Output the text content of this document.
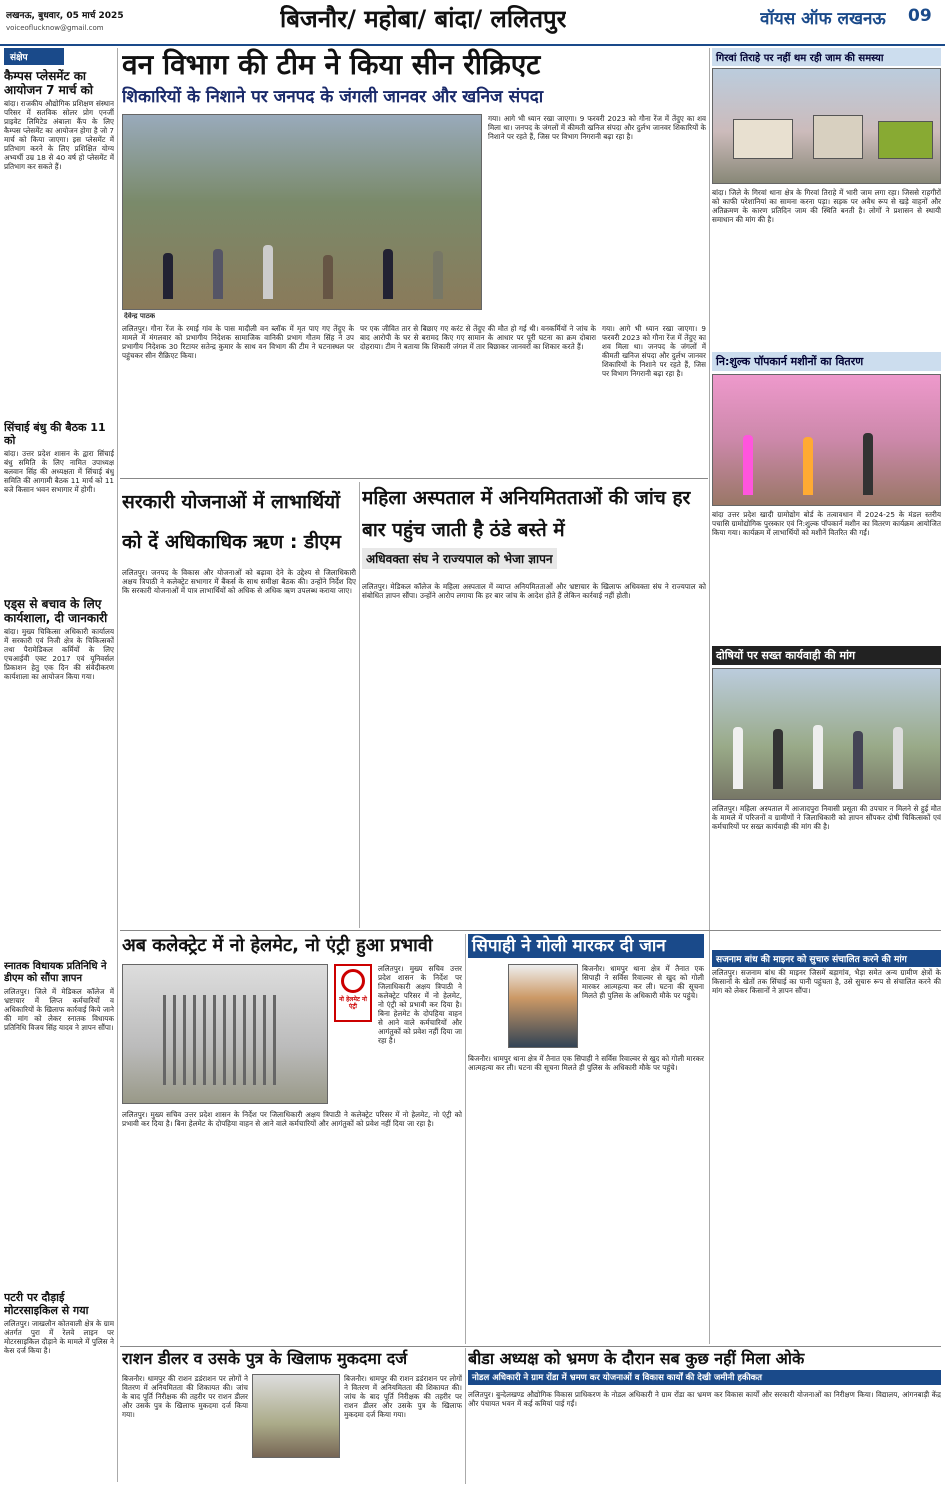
लखनऊ, बुधवार, 05 मार्च 2025
voiceoflucknow@gmail.com	बिजनौर/ महोबा/ बांदा/ ललितपुर	वॉयस ऑफ लखनऊ 09
संक्षेप
कैम्पस प्लेसमेंट का आयोजन 7 मार्च को
बांदा। राजकीय औद्योगिक प्रशिक्षण संस्थान परिसर में सतविक सोलर प्रोग एनर्जी प्राइवेट लिमिटेड अंबाला कैंप के लिए कैम्पस प्लेसमेंट का आयोजन होगा है जो 7 मार्च को किया जाएगा। इस प्लेसमेंट में प्रतिभाग करने के लिए प्रशिक्षित योग्य अभ्यर्थी उम्र 18 से 40 वर्ष हो प्लेसमेंट में प्रतिभाग कर सकते हैं।
सिंचाई बंधु की बैठक 11 को
बांदा। उत्तर प्रदेश शासन के द्वारा सिंचाई बंधु समिति के लिए नामित उपाध्यक्ष बलवान सिंह की अध्यक्षता में सिंचाई बंधु समिति की आगामी बैठक 11 मार्च को 11 बजे किसान भवन सभागार में होगी।
एड्स से बचाव के लिए कार्यशाला, दी जानकारी
बांदा। मुख्य चिकित्सा अधिकारी कार्यालय में सरकारी एवं निजी क्षेत्र के चिकित्सकों तथा पैरामेडिकल कर्मियों के लिए एचआईवी एक्ट 2017 एवं यूनिवर्सल प्रिकाशन हेतु एक दिन की संवेदीकरण कार्यशाला का आयोजन किया गया।
स्नातक विधायक प्रतिनिधि ने डीएम को सौंपा ज्ञापन
ललितपुर। जिले में मेडिकल कॉलेज में भ्रष्टाचार में लिप्त कर्मचारियों व अधिकारियों के खिलाफ कार्रवाई किये जाने की मांग को लेकर स्नातक विधायक प्रतिनिधि विजय सिंह यादव ने ज्ञापन सौंपा।
पटरी पर दौड़ाई मोटरसाइकिल से गया
ललितपुर। जाखलौन कोतवाली क्षेत्र के ग्राम अंतर्गत पुरा में रेलवे लाइन पर मोटरसाइकिल दौड़ाने के मामले में पुलिस ने केस दर्ज किया है।
वन विभाग की टीम ने किया सीन रीक्रिएट
शिकारियों के निशाने पर जनपद के जंगली जानवर और खनिज संपदा
देवेन्द्र पाठक
ललितपुर। गौना रेंज के रमाई गांव के पास मादीली वन ब्लॉक में मृत पाए गए तेंदुए के मामले में मंगलवार को प्रभागीय निदेशक सामाजिक वानिकी प्रभाग गौतम सिंह ने उप प्रभागीय निदेशक 30 रिटायर सतेन्द्र कुमार के साथ वन विभाग की टीम ने घटनास्थल पर पहुंचकर सीन रीक्रिएट किया।
पर एक जीवित तार से बिछाए गए करंट से तेंदुए की मौत हो गई थी। वनकर्मियों ने जांच के बाद आरोपी के घर से बरामद किए गए सामान के आधार पर पूरी घटना का क्रम दोबारा दोहराया। टीम ने बताया कि शिकारी जंगल में तार बिछाकर जानवरों का शिकार करते हैं।
गया। आगे भी ध्यान रखा जाएगा। 9 फरवरी 2023 को गौना रेंज में तेंदुए का शव मिला था। जनपद के जंगलों में कीमती खनिज संपदा और दुर्लभ जानवर शिकारियों के निशाने पर रहते हैं, जिस पर विभाग निगरानी बढ़ा रहा है।
गया। आगे भी ध्यान रखा जाएगा। 9 फरवरी 2023 को गौना रेंज में तेंदुए का शव मिला था। जनपद के जंगलों में कीमती खनिज संपदा और दुर्लभ जानवर शिकारियों के निशाने पर रहते हैं, जिस पर विभाग निगरानी बढ़ा रहा है।
गिरवां तिराहे पर नहीं थम रही जाम की समस्या
बांदा। जिले के गिरवां थाना क्षेत्र के गिरवां तिराहे में भारी जाम लगा रहा। जिससे राहगीरों को काफी परेशानियां का सामना करना पड़ा। सड़क पर अवैध रूप से खड़े वाहनों और अतिक्रमण के कारण प्रतिदिन जाम की स्थिति बनती है। लोगों ने प्रशासन से स्थायी समाधान की मांग की है।
नि:शुल्क पॉपकार्न मशीनों का वितरण
बांदा उत्तर प्रदेश खादी ग्रामोद्योग बोर्ड के तत्वावधान में 2024-25 के मंडल स्तरीय पचासि ग्रामोद्योगिक पुरस्कार एवं नि:शुल्क पॉपकार्न मशीन का वितरण कार्यक्रम आयोजित किया गया। कार्यक्रम में लाभार्थियों को मशीनें वितरित की गईं।
दोषियों पर सख्त कार्यवाही की मांग
ललितपुर। महिला अस्पताल में आजादपुरा निवासी प्रसूता की उपचार न मिलने से हुई मौत के मामले में परिजनों व ग्रामीणों ने जिलाधिकारी को ज्ञापन सौंपकर दोषी चिकित्सकों एवं कर्मचारियों पर सख्त कार्यवाही की मांग की है।
सरकारी योजनाओं में लाभार्थियों को दें अधिकाधिक ऋण : डीएम
ललितपुर। जनपद के विकास और योजनाओं को बढ़ावा देने के उद्देश्य से जिलाधिकारी अक्षय त्रिपाठी ने कलेक्ट्रेट सभागार में बैंकर्स के साथ समीक्षा बैठक की। उन्होंने निर्देश दिए कि सरकारी योजनाओं में पात्र लाभार्थियों को अधिक से अधिक ऋण उपलब्ध कराया जाए।
महिला अस्पताल में अनियमितताओं की जांच हर बार पहुंच जाती है ठंडे बस्ते में
अधिवक्ता संघ ने राज्यपाल को भेजा ज्ञापन
ललितपुर। मेडिकल कॉलेज के महिला अस्पताल में व्याप्त अनियमितताओं और भ्रष्टाचार के खिलाफ अधिवक्ता संघ ने राज्यपाल को संबोधित ज्ञापन सौंपा। उन्होंने आरोप लगाया कि हर बार जांच के आदेश होते हैं लेकिन कार्रवाई नहीं होती।
अब कलेक्ट्रेट में नो हेलमेट, नो एंट्री हुआ प्रभावी
नो हेलमेट नो एंट्री
ललितपुर। मुख्य सचिव उत्तर प्रदेश शासन के निर्देश पर जिलाधिकारी अक्षय त्रिपाठी ने कलेक्ट्रेट परिसर में नो हेलमेट, नो एंट्री को प्रभावी कर दिया है। बिना हेलमेट के दोपहिया वाहन से आने वाले कर्मचारियों और आगंतुकों को प्रवेश नहीं दिया जा रहा है।
ललितपुर। मुख्य सचिव उत्तर प्रदेश शासन के निर्देश पर जिलाधिकारी अक्षय त्रिपाठी ने कलेक्ट्रेट परिसर में नो हेलमेट, नो एंट्री को प्रभावी कर दिया है। बिना हेलमेट के दोपहिया वाहन से आने वाले कर्मचारियों और आगंतुकों को प्रवेश नहीं दिया जा रहा है।
सिपाही ने गोली मारकर दी जान
बिजनौर। धामपुर थाना क्षेत्र में तैनात एक सिपाही ने सर्विस रिवाल्वर से खुद को गोली मारकर आत्महत्या कर ली। घटना की सूचना मिलते ही पुलिस के अधिकारी मौके पर पहुंचे।
बिजनौर। धामपुर थाना क्षेत्र में तैनात एक सिपाही ने सर्विस रिवाल्वर से खुद को गोली मारकर आत्महत्या कर ली। घटना की सूचना मिलते ही पुलिस के अधिकारी मौके पर पहुंचे।
सजनाम बांध की माइनर को सुचारु संचालित करने की मांग
ललितपुर। सजनाम बांध की माइनर जिसमें बड़ागांव, भैड़ा समेत अन्य ग्रामीण क्षेत्रों के किसानों के खेतों तक सिंचाई का पानी पहुंचता है, उसे सुचारु रूप से संचालित करने की मांग को लेकर किसानों ने ज्ञापन सौंपा।
राशन डीलर व उसके पुत्र के खिलाफ मुकदमा दर्ज
बिजनौर। धामपुर की राशन डडंराशन पर लोगों ने वितरण में अनियमितता की शिकायत की। जांच के बाद पूर्ति निरीक्षक की तहरीर पर राशन डीलर और उसके पुत्र के खिलाफ मुकदमा दर्ज किया गया।
बिजनौर। धामपुर की राशन डडंराशन पर लोगों ने वितरण में अनियमितता की शिकायत की। जांच के बाद पूर्ति निरीक्षक की तहरीर पर राशन डीलर और उसके पुत्र के खिलाफ मुकदमा दर्ज किया गया।
बीडा अध्यक्ष को भ्रमण के दौरान सब कुछ नहीं मिला ओके
नोडल अधिकारी ने ग्राम रोंडा में भ्रमण कर योजनाओं व विकास कार्यों की देखी जमीनी हकीकत
ललितपुर। बुन्देलखण्ड औद्योगिक विकास प्राधिकरण के नोडल अधिकारी ने ग्राम रोंडा का भ्रमण कर विकास कार्यों और सरकारी योजनाओं का निरीक्षण किया। विद्यालय, आंगनबाड़ी केंद्र और पंचायत भवन में कई कमियां पाई गईं।
